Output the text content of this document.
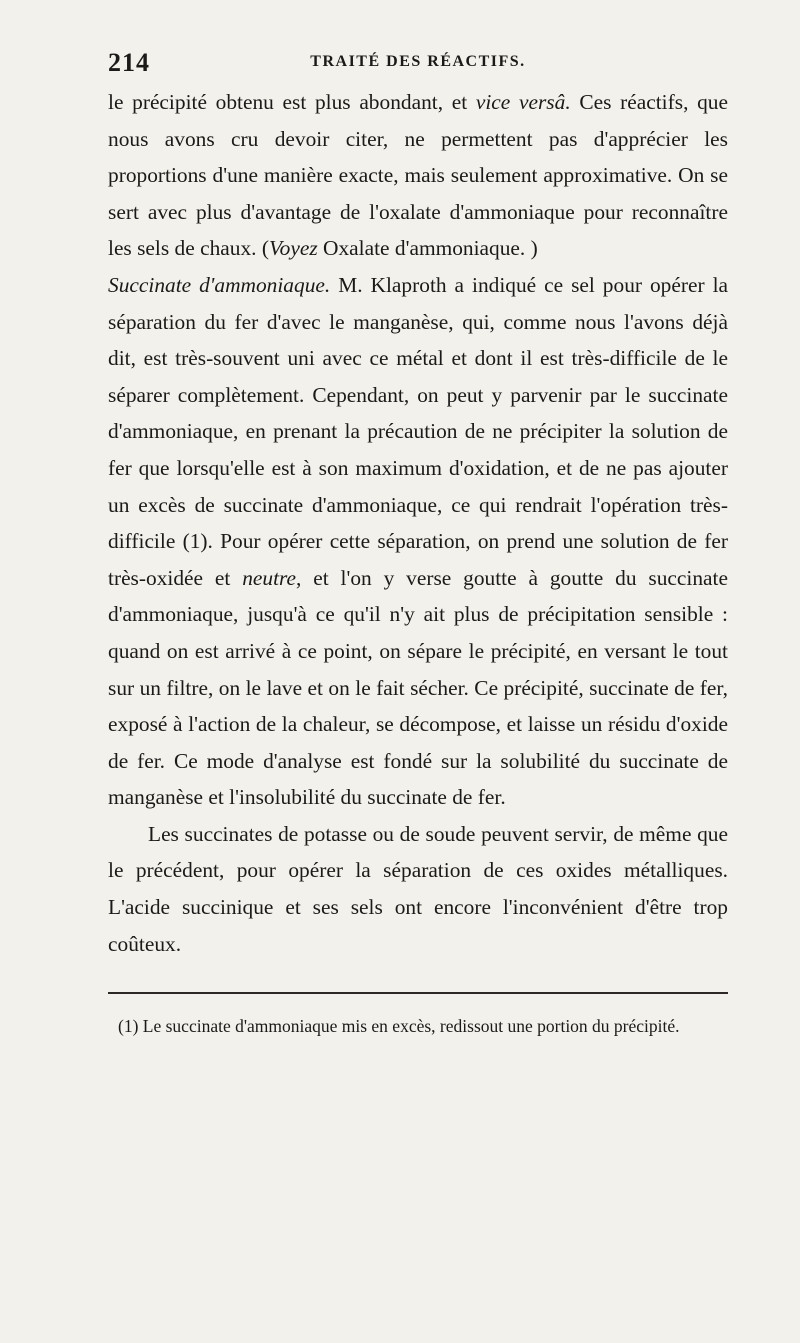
214	TRAITÉ DES RÉACTIFS.

le précipité obtenu est plus abondant, et vice versâ. Ces réactifs, que nous avons cru devoir citer, ne permettent pas d'apprécier les proportions d'une manière exacte, mais seulement approximative. On se sert avec plus d'avantage de l'oxalate d'ammoniaque pour reconnaître les sels de chaux. (Voyez Oxalate d'ammoniaque. )

Succinate d'ammoniaque. M. Klaproth a indiqué ce sel pour opérer la séparation du fer d'avec le manganèse, qui, comme nous l'avons déjà dit, est très-souvent uni avec ce métal et dont il est très-difficile de le séparer complètement. Cependant, on peut y parvenir par le succinate d'ammoniaque, en prenant la précaution de ne précipiter la solution de fer que lorsqu'elle est à son maximum d'oxidation, et de ne pas ajouter un excès de succinate d'ammoniaque, ce qui rendrait l'opération très-difficile (1). Pour opérer cette séparation, on prend une solution de fer très-oxidée et neutre, et l'on y verse goutte à goutte du succinate d'ammoniaque, jusqu'à ce qu'il n'y ait plus de précipitation sensible : quand on est arrivé à ce point, on sépare le précipité, en versant le tout sur un filtre, on le lave et on le fait sécher. Ce précipité, succinate de fer, exposé à l'action de la chaleur, se décompose, et laisse un résidu d'oxide de fer. Ce mode d'analyse est fondé sur la solubilité du succinate de manganèse et l'insolubilité du succinate de fer.

Les succinates de potasse ou de soude peuvent servir, de même que le précédent, pour opérer la séparation de ces oxides métalliques. L'acide succinique et ses sels ont encore l'inconvénient d'être trop coûteux.

(1) Le succinate d'ammoniaque mis en excès, redissout une portion du précipité.
